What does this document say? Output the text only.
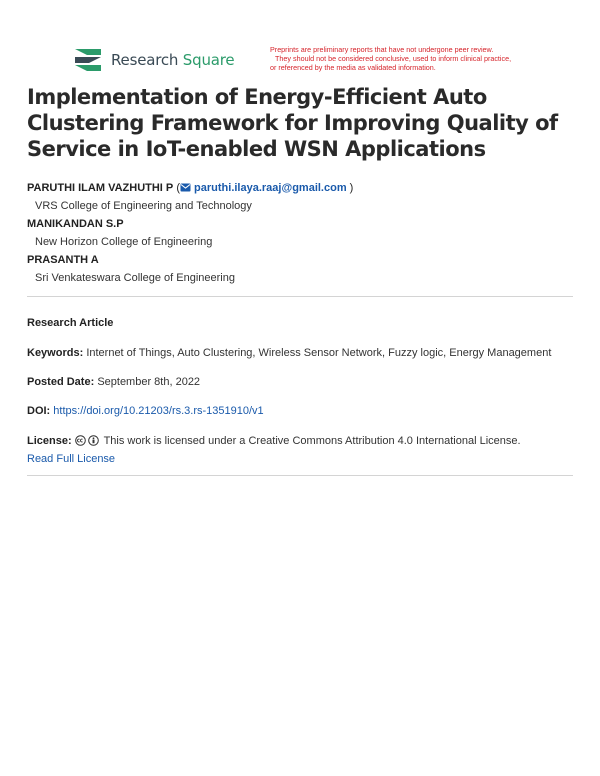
Research Square
Preprints are preliminary reports that have not undergone peer review.
They should not be considered conclusive, used to inform clinical practice,
or referenced by the media as validated information.
Implementation of Energy-Efficient Auto Clustering Framework for Improving Quality of Service in IoT-enabled WSN Applications
PARUTHI ILAM VAZHUTHI P ( paruthi.ilaya.raaj@gmail.com )
VRS College of Engineering and Technology
MANIKANDAN S.P
New Horizon College of Engineering
PRASANTH A
Sri Venkateswara College of Engineering
Research Article
Keywords: Internet of Things, Auto Clustering, Wireless Sensor Network, Fuzzy logic, Energy Management
Posted Date: September 8th, 2022
DOI: https://doi.org/10.21203/rs.3.rs-1351910/v1
License:	This work is licensed under a Creative Commons Attribution 4.0 International License.
Read Full License
